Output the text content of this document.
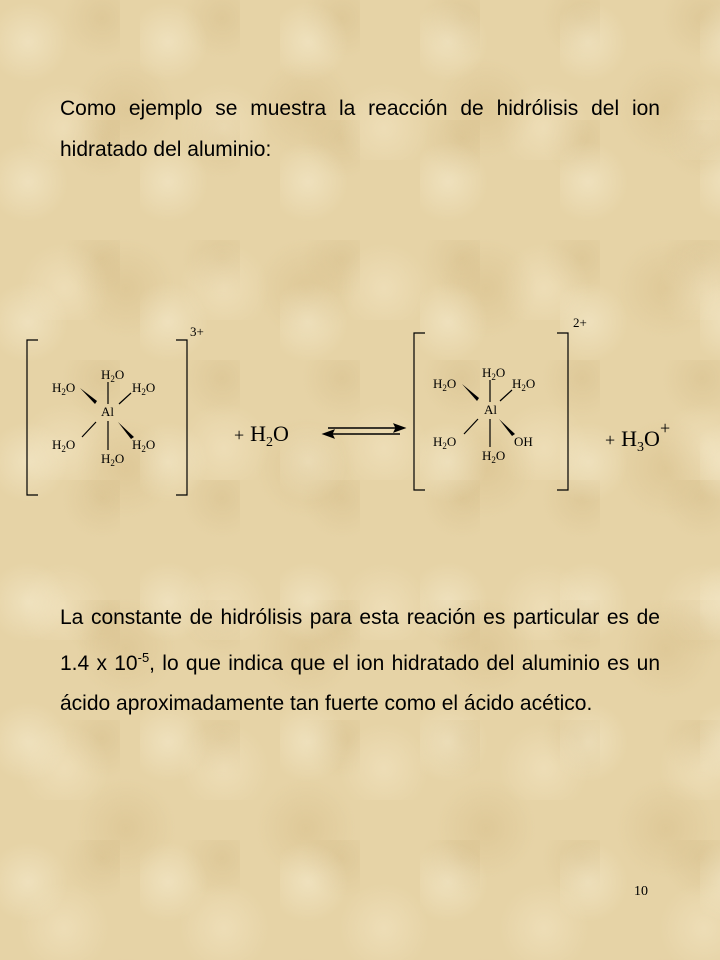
Como ejemplo se muestra la reacción de hidrólisis del ion hidratado del aluminio:
3+
Al
$H_2O$
$H_2O$	$H_2O$
$H_2O$	$H_2O$
$H_2O$
+ $H_2O$
2+
Al
$H_2O$
$H_2O$	$H_2O$
$H_2O$	OH
$H_2O$
+ $H_3O^+$
La constante de hidrólisis para esta reación es particular es de 1.4 x $10^{-5}$, lo que indica que el ion hidratado del aluminio es un ácido aproximadamente tan fuerte como el ácido acético.
10
